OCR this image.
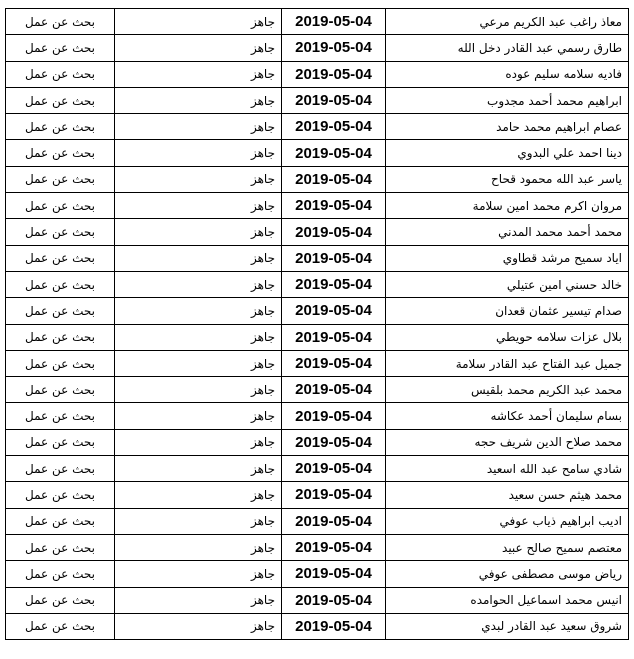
بحث عن عمل	جاهز	2019-05-04	معاذ راغب عبد الكريم مرعي
بحث عن عمل	جاهز	2019-05-04	طارق رسمي عبد القادر دخل الله
بحث عن عمل	جاهز	2019-05-04	فاديه سلامه سليم عوده
بحث عن عمل	جاهز	2019-05-04	ابراهيم محمد أحمد مجدوب
بحث عن عمل	جاهز	2019-05-04	عصام ابراهيم محمد حامد
بحث عن عمل	جاهز	2019-05-04	دينا احمد علي البدوي
بحث عن عمل	جاهز	2019-05-04	ياسر عبد الله محمود قحاح
بحث عن عمل	جاهز	2019-05-04	مروان اكرم محمد امين سلامة
بحث عن عمل	جاهز	2019-05-04	محمد أحمد محمد المدني
بحث عن عمل	جاهز	2019-05-04	اياد سميح مرشد قطاوي
بحث عن عمل	جاهز	2019-05-04	خالد حسني امين عتيلي
بحث عن عمل	جاهز	2019-05-04	صدام تيسير عثمان قعدان
بحث عن عمل	جاهز	2019-05-04	بلال عزات سلامه حويطي
بحث عن عمل	جاهز	2019-05-04	جميل عبد الفتاح عبد القادر سلامة
بحث عن عمل	جاهز	2019-05-04	محمد عبد الكريم محمد بلقيس
بحث عن عمل	جاهز	2019-05-04	بسام سليمان أحمد عكاشه
بحث عن عمل	جاهز	2019-05-04	محمد صلاح الدين شريف حجه
بحث عن عمل	جاهز	2019-05-04	شادي سامح عبد الله اسعيد
بحث عن عمل	جاهز	2019-05-04	محمد هيثم حسن سعيد
بحث عن عمل	جاهز	2019-05-04	اديب ابراهيم ذياب عوفي
بحث عن عمل	جاهز	2019-05-04	معتصم سميح صالح عبيد
بحث عن عمل	جاهز	2019-05-04	رياض موسى مصطفى عوفي
بحث عن عمل	جاهز	2019-05-04	انيس محمد اسماعيل الحوامده
بحث عن عمل	جاهز	2019-05-04	شروق سعيد عبد القادر لبدي
